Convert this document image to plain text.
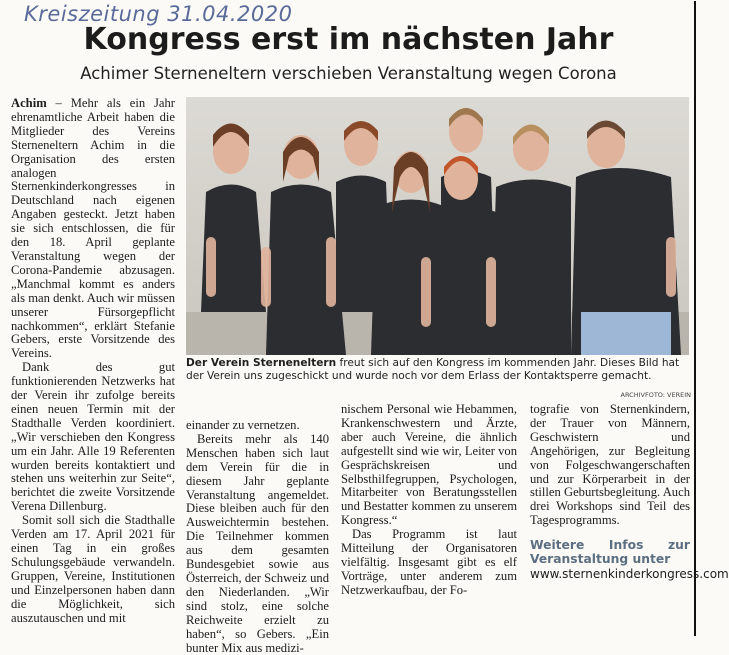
Kreiszeitung 31.04.2020
Kongress erst im nächsten Jahr
Achimer Sterneneltern verschieben Veranstaltung wegen Corona

Achim – Mehr als ein Jahr ehrenamtliche Arbeit haben die Mitglieder des Vereins Sterneneltern Achim in die Organisation des ersten analogen Sternenkinderkongresses in Deutschland nach eigenen Angaben gesteckt. Jetzt haben sie sich entschlossen, die für den 18. April geplante Veranstaltung wegen der Corona-Pandemie abzusagen. „Manchmal kommt es anders als man denkt. Auch wir müssen unserer Fürsorgepflicht nachkommen“, erklärt Stefanie Gebers, erste Vorsitzende des Vereins.

Dank des gut funktionierenden Netzwerks hat der Verein ihr zufolge bereits einen neuen Termin mit der Stadthalle Verden koordiniert. „Wir verschieben den Kongress um ein Jahr. Alle 19 Referenten wurden bereits kontaktiert und stehen uns weiterhin zur Seite“, berichtet die zweite Vorsitzende Verena Dillenburg.

Somit soll sich die Stadthalle Verden am 17. April 2021 für einen Tag in ein großes Schulungsgebäude verwandeln. Gruppen, Vereine, Institutionen und Einzelpersonen haben dann die Möglichkeit, sich auszutauschen und mit

Der Verein Sterneneltern freut sich auf den Kongress im kommenden Jahr. Dieses Bild hat der Verein uns zugeschickt und wurde noch vor dem Erlass der Kontaktsperre gemacht.
ARCHIVFOTO: VEREIN

einander zu vernetzen.

Bereits mehr als 140 Menschen haben sich laut dem Verein für die in diesem Jahr geplante Veranstaltung angemeldet. Diese bleiben auch für den Ausweichtermin bestehen. Die Teilnehmer kommen aus dem gesamten Bundesgebiet sowie aus Österreich, der Schweiz und den Niederlanden. „Wir sind stolz, eine solche Reichweite erzielt zu haben“, so Gebers. „Ein bunter Mix aus medizi-

nischem Personal wie Hebammen, Krankenschwestern und Ärzte, aber auch Vereine, die ähnlich aufgestellt sind wie wir, Leiter von Gesprächskreisen und Selbsthilfegruppen, Psychologen, Mitarbeiter von Beratungsstellen und Bestatter kommen zu unserem Kongress.“

Das Programm ist laut Mitteilung der Organisatoren vielfältig. Insgesamt gibt es elf Vorträge, unter anderem zum Netzwerkaufbau, der Fo-

tografie von Sternenkindern, der Trauer von Männern, Geschwistern und Angehörigen, zur Begleitung von Folgeschwangerschaften und zur Körperarbeit in der stillen Geburtsbegleitung. Auch drei Workshops sind Teil des Tagesprogramms.

Weitere Infos zur Veranstaltung unter
www.sternenkinderkongress.com
